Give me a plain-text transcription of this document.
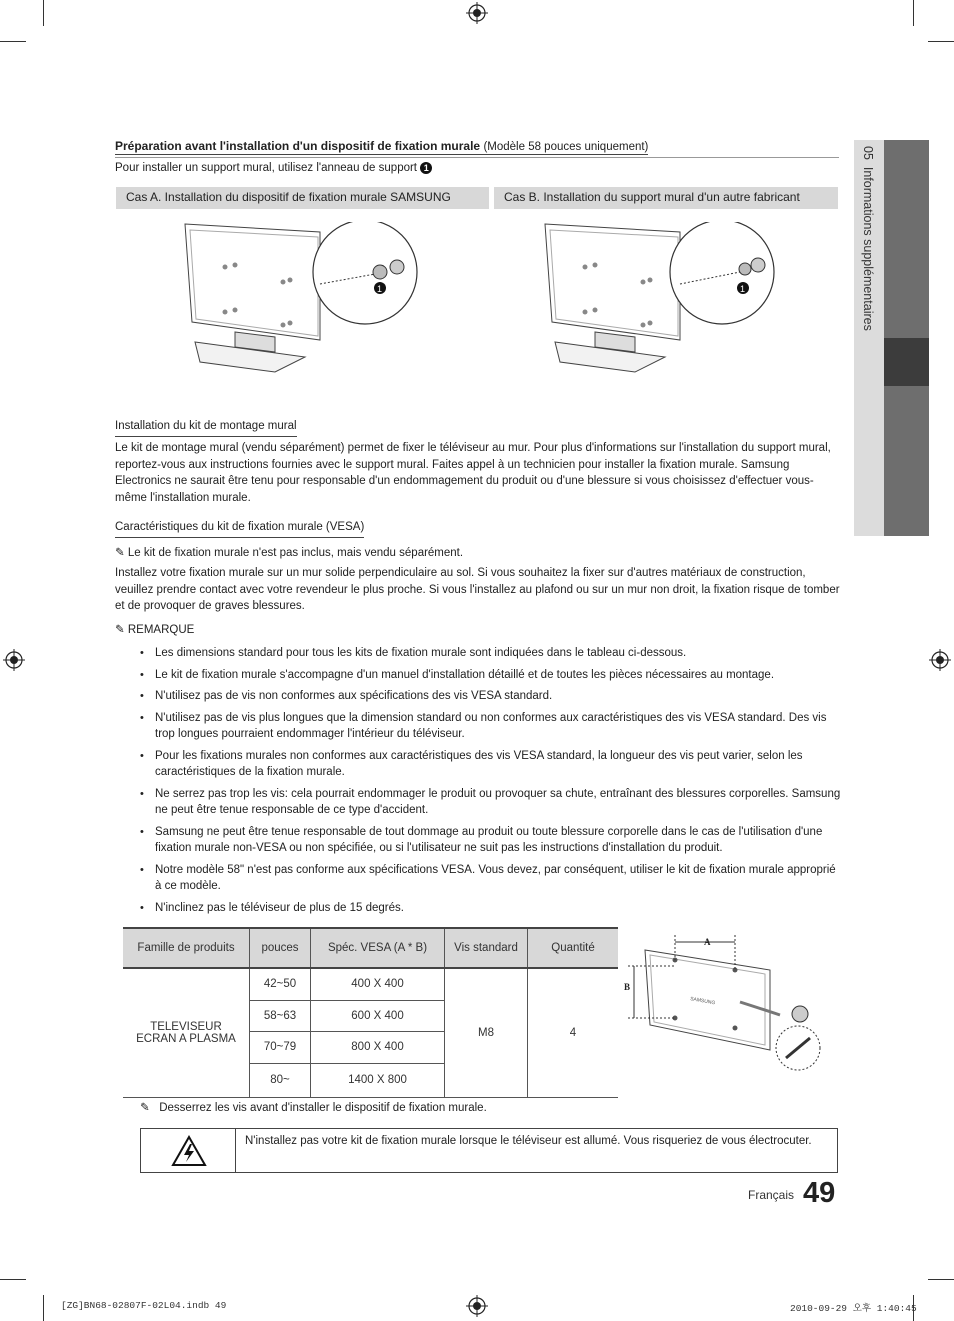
05  Informations supplémentaires
Préparation avant l'installation d'un dispositif de fixation murale (Modèle 58 pouces uniquement)
Pour installer un support mural, utilisez l'anneau de support 1
Cas A. Installation du dispositif de fixation murale SAMSUNG	Cas B. Installation du support mural d'un autre fabricant
1	1
Installation du kit de montage mural

Le kit de montage mural (vendu séparément) permet de fixer le téléviseur au mur. Pour plus d'informations sur l'installation du support mural, reportez-vous aux instructions fournies avec le support mural. Faites appel à un technicien pour installer la fixation murale. Samsung Electronics ne saurait être tenu pour responsable d'un endommagement du produit ou d'une blessure si vous choisissez d'effectuer vous-même l'installation murale.

Caractéristiques du kit de fixation murale (VESA)
✎ Le kit de fixation murale n'est pas inclus, mais vendu séparément.

Installez votre fixation murale sur un mur solide perpendiculaire au sol. Si vous souhaitez la fixer sur d'autres matériaux de construction, veuillez prendre contact avec votre revendeur le plus proche. Si vous l'installez au plafond ou sur un mur non droit, la fixation risque de tomber et de provoquer de graves blessures.

✎ REMARQUE
• Les dimensions standard pour tous les kits de fixation murale sont indiquées dans le tableau ci-dessous.
• Le kit de fixation murale s'accompagne d'un manuel d'installation détaillé et de toutes les pièces nécessaires au montage.
• N'utilisez pas de vis non conformes aux spécifications des vis VESA standard.
• N'utilisez pas de vis plus longues que la dimension standard ou non conformes aux caractéristiques des vis VESA standard. Des vis trop longues pourraient endommager l'intérieur du téléviseur.
• Pour les fixations murales non conformes aux caractéristiques des vis VESA standard, la longueur des vis peut varier, selon les caractéristiques de la fixation murale.
• Ne serrez pas trop les vis: cela pourrait endommager le produit ou provoquer sa chute, entraînant des blessures corporelles. Samsung ne peut être tenue responsable de ce type d'accident.
• Samsung ne peut être tenue responsable de tout dommage au produit ou toute blessure corporelle dans le cas de l'utilisation d'une fixation murale non-VESA ou non spécifiée, ou si l'utilisateur ne suit pas les instructions d'installation du produit.
• Notre modèle 58" n'est pas conforme aux spécifications VESA. Vous devez, par conséquent, utiliser le kit de fixation murale approprié à ce modèle.
• N'inclinez pas le téléviseur de plus de 15 degrés.
Famille de produits	pouces	Spéc. VESA (A * B)	Vis standard	Quantité
TELEVISEUR ECRAN A PLASMA	42~50	400 X 400	M8	4
	58~63	600 X 400		
	70~79	800 X 400		
	80~	1400 X 800		
SAMSUNG
A
B
✎ Desserrez les vis avant d'installer le dispositif de fixation murale.
N'installez pas votre kit de fixation murale lorsque le téléviseur est allumé. Vous risqueriez de vous électrocuter.
Français 49
[ZG]BN68-02807F-02L04.indb 49	2010-09-29 오후 1:40:45
